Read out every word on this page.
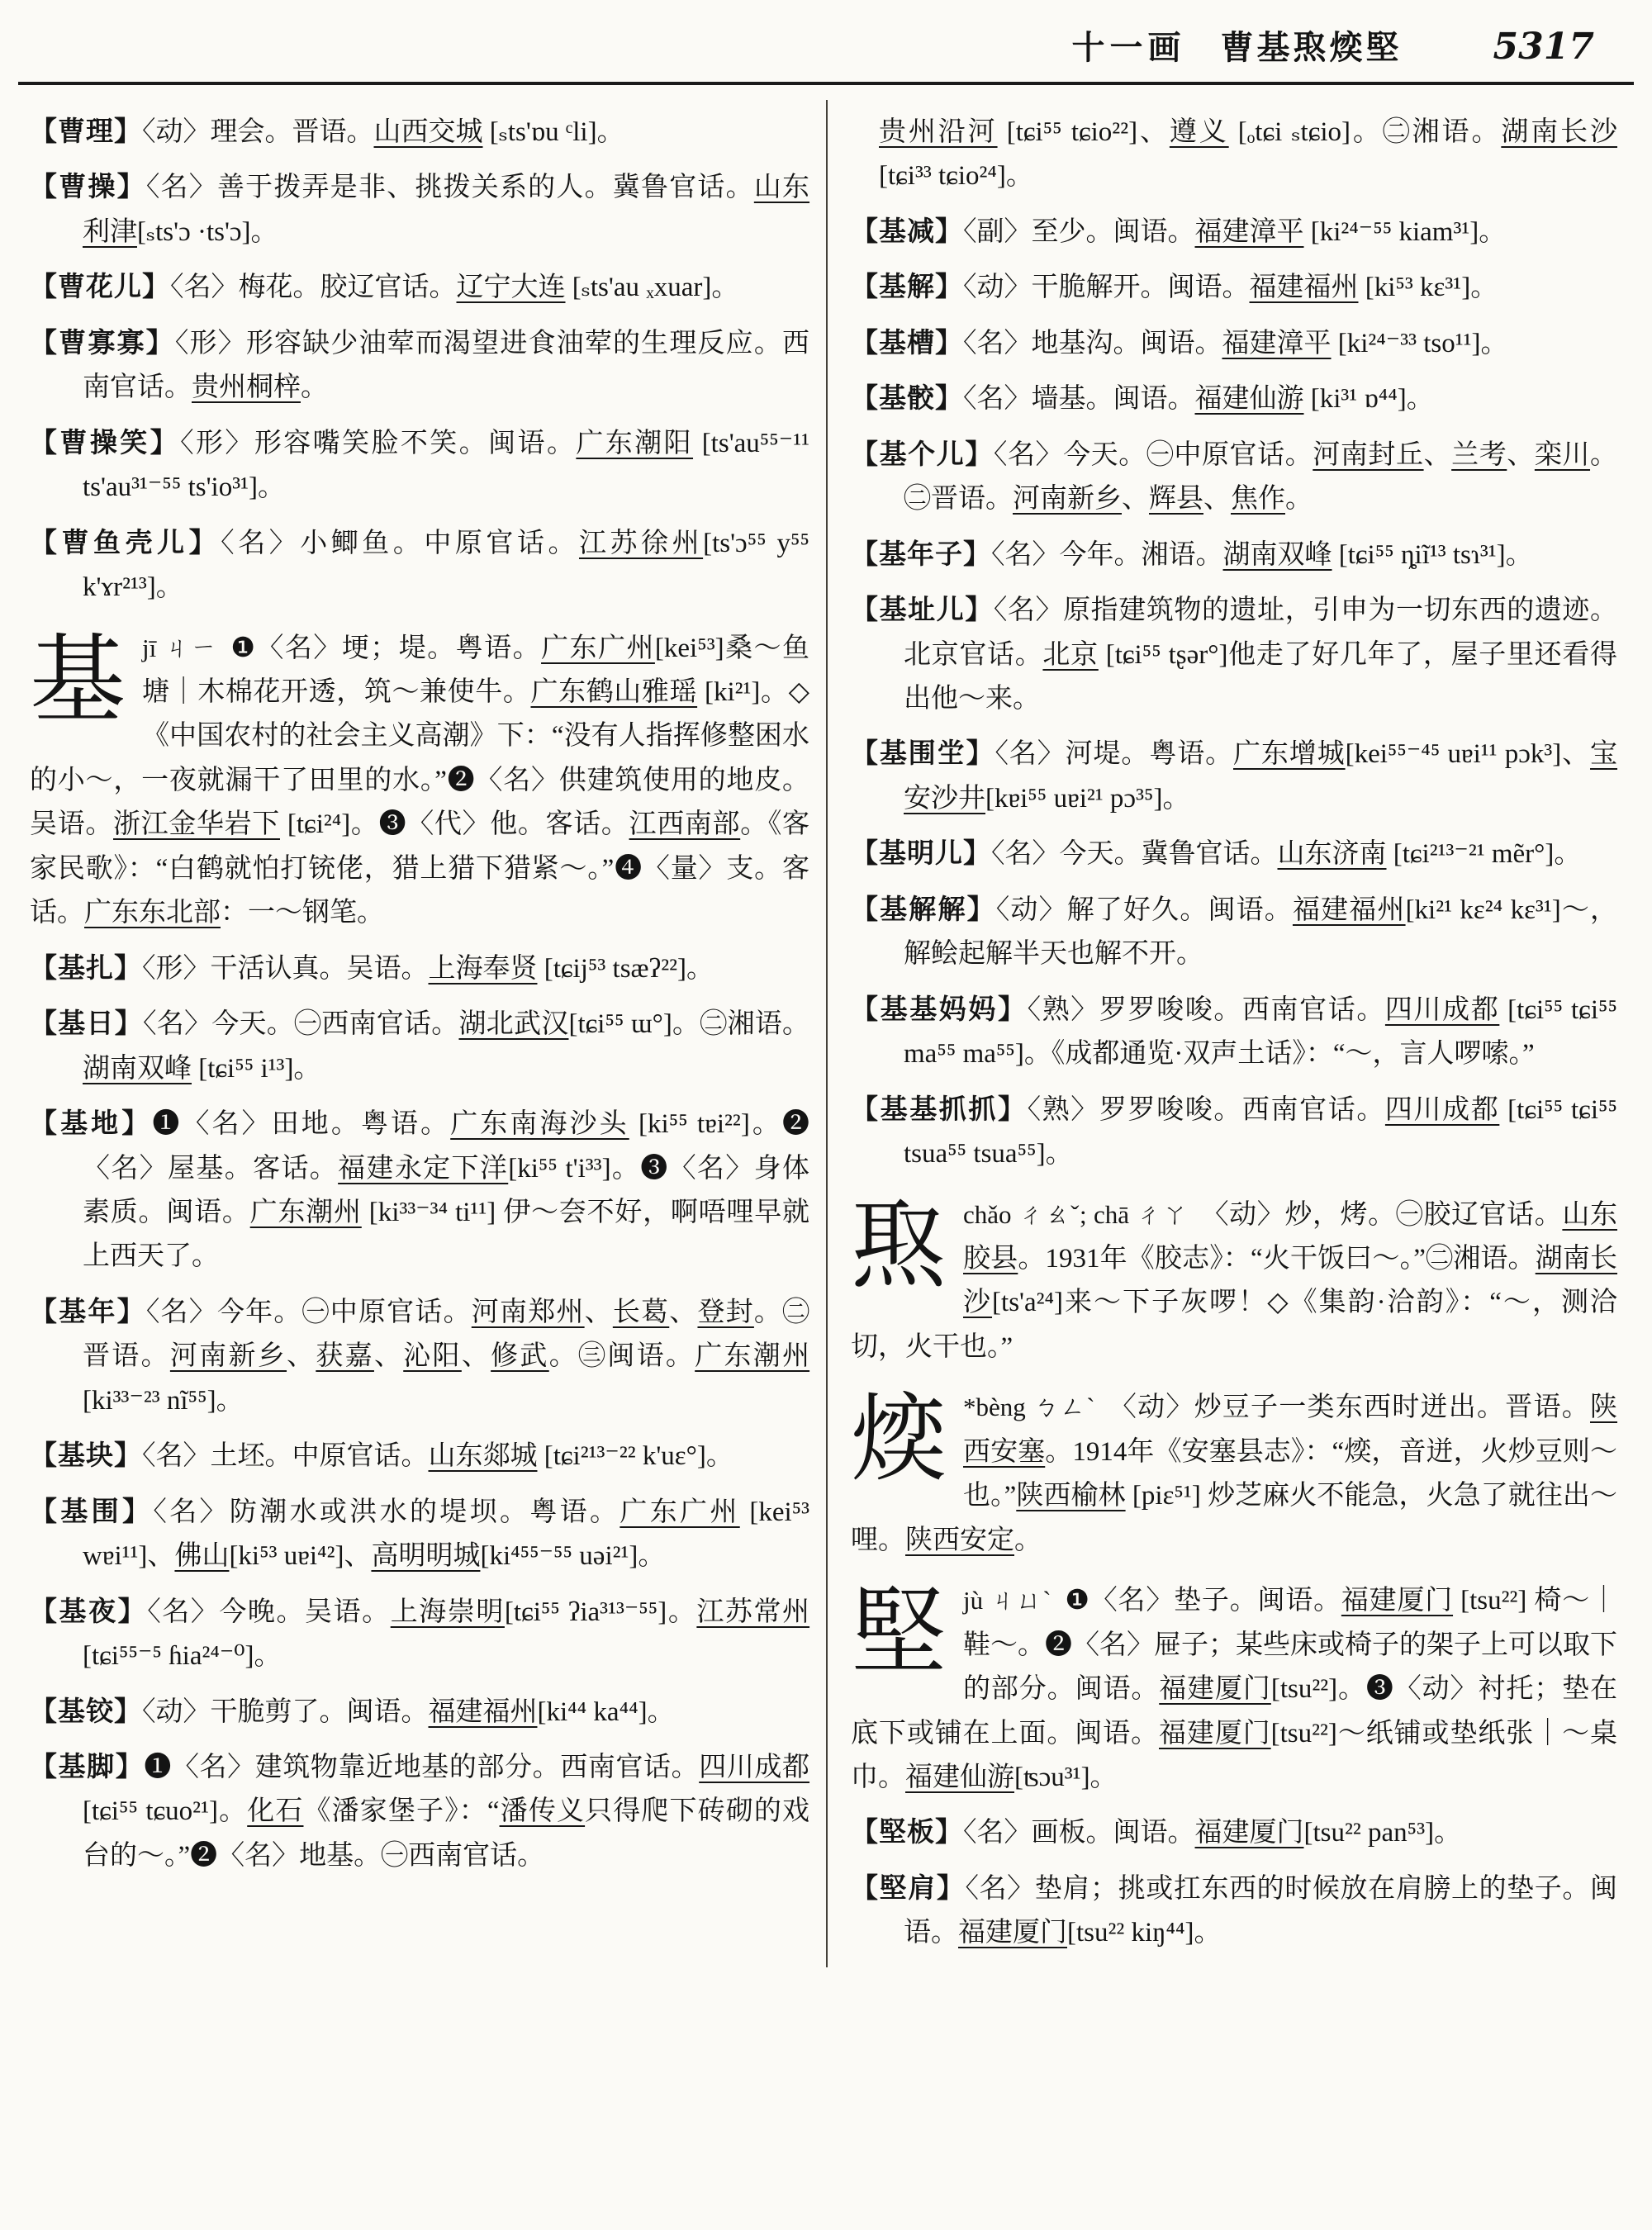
十一画 曹基焣㷜堅	5317

【曹理】〈动〉理会。晋语。山西交城 [ₛts'ɒu ᶜli]。

【曹操】〈名〉善于拨弄是非、挑拨关系的人。冀鲁官话。山东利津[ₛts'ɔ ·ts'ɔ]。

【曹花儿】〈名〉梅花。胶辽官话。辽宁大连 [ₛts'au ₓxuar]。

【曹寡寡】〈形〉形容缺少油荤而渴望进食油荤的生理反应。西南官话。贵州桐梓。

【曹操笑】〈形〉形容嘴笑脸不笑。闽语。广东潮阳 [ts'au⁵⁵⁻¹¹ ts'au³¹⁻⁵⁵ ts'io³¹]。

【曹鱼壳儿】〈名〉小鲫鱼。中原官话。江苏徐州[ts'ɔ⁵⁵ y⁵⁵ k'ɤr²¹³]。

基jī ㄐㄧ ❶〈名〉埂；堤。粤语。广东广州[kei⁵³]桑～鱼塘｜木棉花开透，筑～兼使牛。广东鹤山雅瑶 [ki²¹]。◇《中国农村的社会主义高潮》下：“没有人指挥修整困水的小～，一夜就漏干了田里的水。”❷〈名〉供建筑使用的地皮。吴语。浙江金华岩下 [tɕi²⁴]。❸〈代〉他。客话。江西南部。《客家民歌》：“白鹤就怕打铳佬，猎上猎下猎紧～。”❹〈量〉支。客话。广东东北部：一～钢笔。

【基扎】〈形〉干活认真。吴语。上海奉贤 [tɕij⁵³ tsæʔ²²]。

【基日】〈名〉今天。㊀西南官话。湖北武汉[tɕi⁵⁵ ɯ°]。㊁湘语。湖南双峰 [tɕi⁵⁵ i¹³]。

【基地】❶〈名〉田地。粤语。广东南海沙头 [ki⁵⁵ tɐi²²]。❷〈名〉屋基。客话。福建永定下洋[ki⁵⁵ t'i³³]。❸〈名〉身体素质。闽语。广东潮州 [ki³³⁻³⁴ ti¹¹] 伊～夽不好，啊唔哩早就上西天了。

【基年】〈名〉今年。㊀中原官话。河南郑州、长葛、登封。㊁晋语。河南新乡、获嘉、沁阳、修武。㊂闽语。广东潮州 [ki³³⁻²³ nĩ⁵⁵]。

【基块】〈名〉土坯。中原官话。山东郯城 [tɕi²¹³⁻²² k'uɛ°]。

【基围】〈名〉防潮水或洪水的堤坝。粤语。广东广州 [kei⁵³ wɐi¹¹]、佛山[ki⁵³ uɐi⁴²]、高明明城[ki⁴⁵⁵⁻⁵⁵ uəi²¹]。

【基夜】〈名〉今晚。吴语。上海崇明[tɕi⁵⁵ ʔia³¹³⁻⁵⁵]。江苏常州 [tɕi⁵⁵⁻⁵ ɦia²⁴⁻⁰]。

【基铰】〈动〉干脆剪了。闽语。福建福州[ki⁴⁴ ka⁴⁴]。

【基脚】❶〈名〉建筑物靠近地基的部分。西南官话。四川成都 [tɕi⁵⁵ tɕuo²¹]。化石《潘家堡子》：“潘传义只得爬下砖砌的戏台的～。”❷〈名〉地基。㊀西南官话。

贵州沿河 [tɕi⁵⁵ tɕio²²]、遵义 [ₒtɕi ₛtɕio]。㊁湘语。湖南长沙 [tɕi³³ tɕio²⁴]。

【基减】〈副〉至少。闽语。福建漳平 [ki²⁴⁻⁵⁵ kiam³¹]。

【基解】〈动〉干脆解开。闽语。福建福州 [ki⁵³ kɛ³¹]。

【基槽】〈名〉地基沟。闽语。福建漳平 [ki²⁴⁻³³ tso¹¹]。

【基骹】〈名〉墙基。闽语。福建仙游 [ki³¹ ɒ⁴⁴]。

【基个儿】〈名〉今天。㊀中原官话。河南封丘、兰考、栾川。㊁晋语。河南新乡、辉县、焦作。

【基年子】〈名〉今年。湘语。湖南双峰 [tɕi⁵⁵ ȵiĩ¹³ tsɿ³¹]。

【基址儿】〈名〉原指建筑物的遗址，引申为一切东西的遗迹。北京官话。北京 [tɕi⁵⁵ tʂər°]他走了好几年了，屋子里还看得出他～来。

【基围坣】〈名〉河堤。粤语。广东增城[kei⁵⁵⁻⁴⁵ uɐi¹¹ pɔk³]、宝安沙井[kɐi⁵⁵ uɐi²¹ pɔ³⁵]。

【基明儿】〈名〉今天。冀鲁官话。山东济南 [tɕi²¹³⁻²¹ mẽr°]。

【基解解】〈动〉解了好久。闽语。福建福州[ki²¹ kɛ²⁴ kɛ³¹]～，解鲙起解半天也解不开。

【基基妈妈】〈熟〉罗罗唆唆。西南官话。四川成都 [tɕi⁵⁵ tɕi⁵⁵ ma⁵⁵ ma⁵⁵]。《成都通览·双声土话》：“～，言人啰嗦。”

【基基抓抓】〈熟〉罗罗唆唆。西南官话。四川成都 [tɕi⁵⁵ tɕi⁵⁵ tsua⁵⁵ tsua⁵⁵]。

焣chǎo ㄔㄠˇ; chā ㄔㄚ 〈动〉炒，烤。㊀胶辽官话。山东胶县。1931年《胶志》：“火干饭曰～。”㊁湘语。湖南长沙[ts'a²⁴]来～下子灰啰！◇《集韵·洽韵》：“～，测洽切，火干也。”
㷜 *bèng ㄅㄥˋ 〈动〉炒豆子一类东西时迸出。晋语。陕西安塞。1914年《安塞县志》：“㷜，音迸，火炒豆则～也。”陕西榆林 [piɛ⁵¹] 炒芝麻火不能急，火急了就往出～哩。陕西安定。
堅jù ㄐㄩˋ ❶〈名〉垫子。闽语。福建厦门 [tsu²²] 椅～｜鞋～。❷〈名〉屉子；某些床或椅子的架子上可以取下的部分。闽语。福建厦门[tsu²²]。❸〈动〉衬托；垫在底下或铺在上面。闽语。福建厦门[tsu²²]～纸铺或垫纸张｜～桌巾。福建仙游[ʦɔu³¹]。

【堅板】〈名〉画板。闽语。福建厦门[tsu²² pan⁵³]。

【堅肩】〈名〉垫肩；挑或扛东西的时候放在肩膀上的垫子。闽语。福建厦门[tsu²² kiŋ⁴⁴]。
